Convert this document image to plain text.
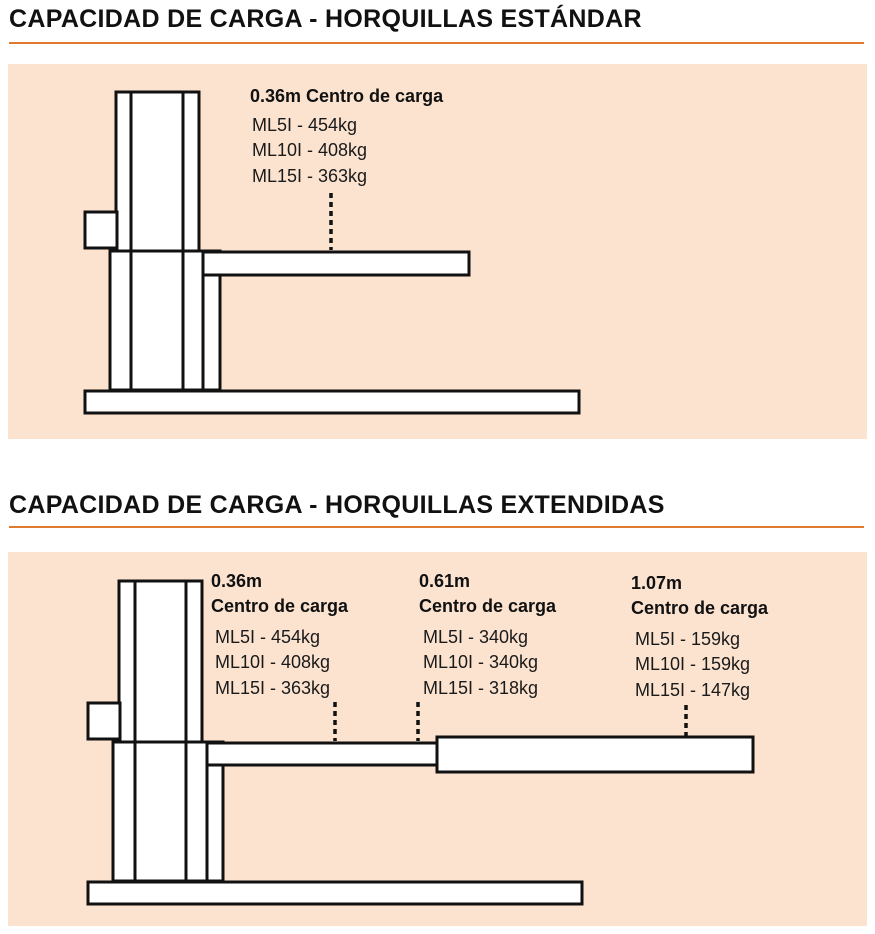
CAPACIDAD DE CARGA - HORQUILLAS ESTÁNDAR
0.36m Centro de carga
ML5I - 454kg
ML10I - 408kg
ML15I - 363kg
CAPACIDAD DE CARGA - HORQUILLAS EXTENDIDAS
0.36m
Centro de carga
ML5I - 454kg
ML10I - 408kg
ML15I - 363kg
0.61m
Centro de carga
ML5I - 340kg
ML10I - 340kg
ML15I - 318kg
1.07m
Centro de carga
ML5I - 159kg
ML10I - 159kg
ML15I - 147kg
